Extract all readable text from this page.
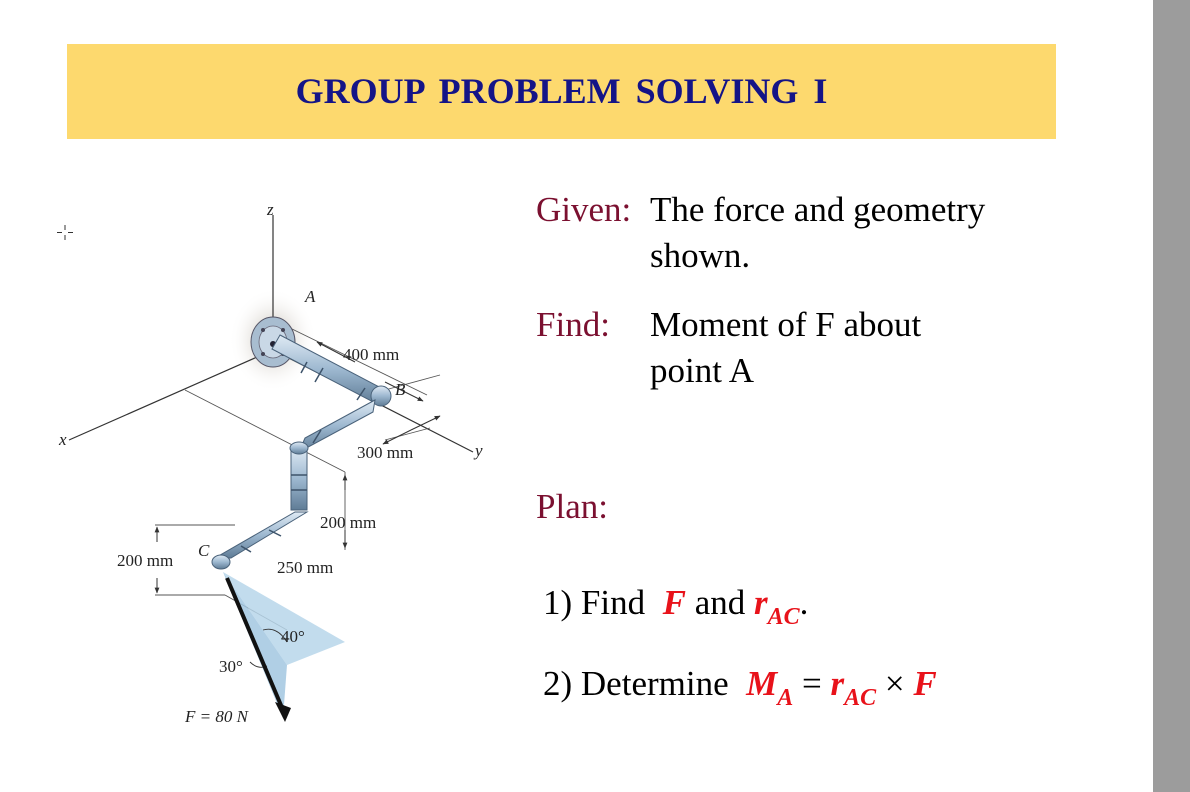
GROUP PROBLEM SOLVING I
z
x
y
400 mm
300 mm
200 mm
200 mm	250 mm
A
B
C
40°
30°
F = 80 N
Given: The force and geometry
shown.
Find: Moment of F about
point A
Plan:
1) Find F and $r_{AC}$.
2) Determine $M_A = r_{AC} \times F$
